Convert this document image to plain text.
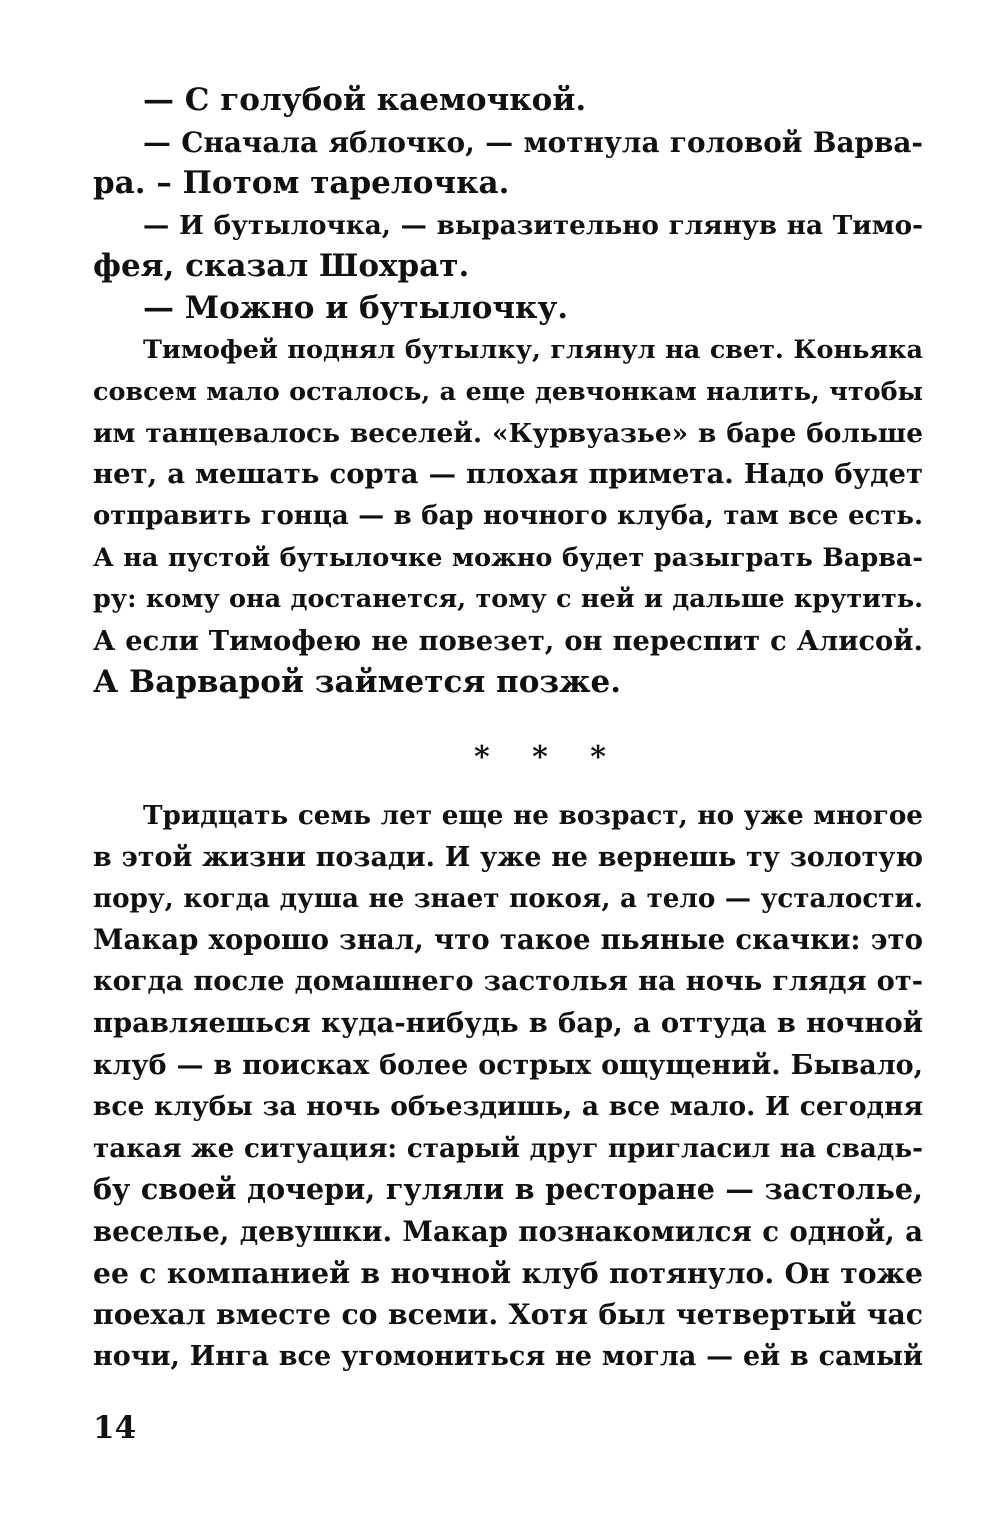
— С голубой каемочкой.
— Сначала яблочко, — мотнула головой Варва-
ра. – Потом тарелочка.
— И бутылочка, — выразительно глянув на Тимо-
фея, сказал Шохрат.
— Можно и бутылочку.
Тимофей поднял бутылку, глянул на свет. Коньяка
совсем мало осталось, а еще девчонкам налить, чтобы
им танцевалось веселей. «Курвуазье» в баре больше
нет, а мешать сорта — плохая примета. Надо будет
отправить гонца — в бар ночного клуба, там все есть.
А на пустой бутылочке можно будет разыграть Варва-
ру: кому она достанется, тому с ней и дальше крутить.
А если Тимофею не повезет, он переспит с Алисой.
А Варварой займется позже.
* * *
Тридцать семь лет еще не возраст, но уже многое
в этой жизни позади. И уже не вернешь ту золотую
пору, когда душа не знает покоя, а тело — усталости.
Макар хорошо знал, что такое пьяные скачки: это
когда после домашнего застолья на ночь глядя от-
правляешься куда-нибудь в бар, а оттуда в ночной
клуб — в поисках более острых ощущений. Бывало,
все клубы за ночь объездишь, а все мало. И сегодня
такая же ситуация: старый друг пригласил на свадь-
бу своей дочери, гуляли в ресторане — застолье,
веселье, девушки. Макар познакомился с одной, а
ее с компанией в ночной клуб потянуло. Он тоже
поехал вместе со всеми. Хотя был четвертый час
ночи, Инга все угомониться не могла — ей в самый
14
